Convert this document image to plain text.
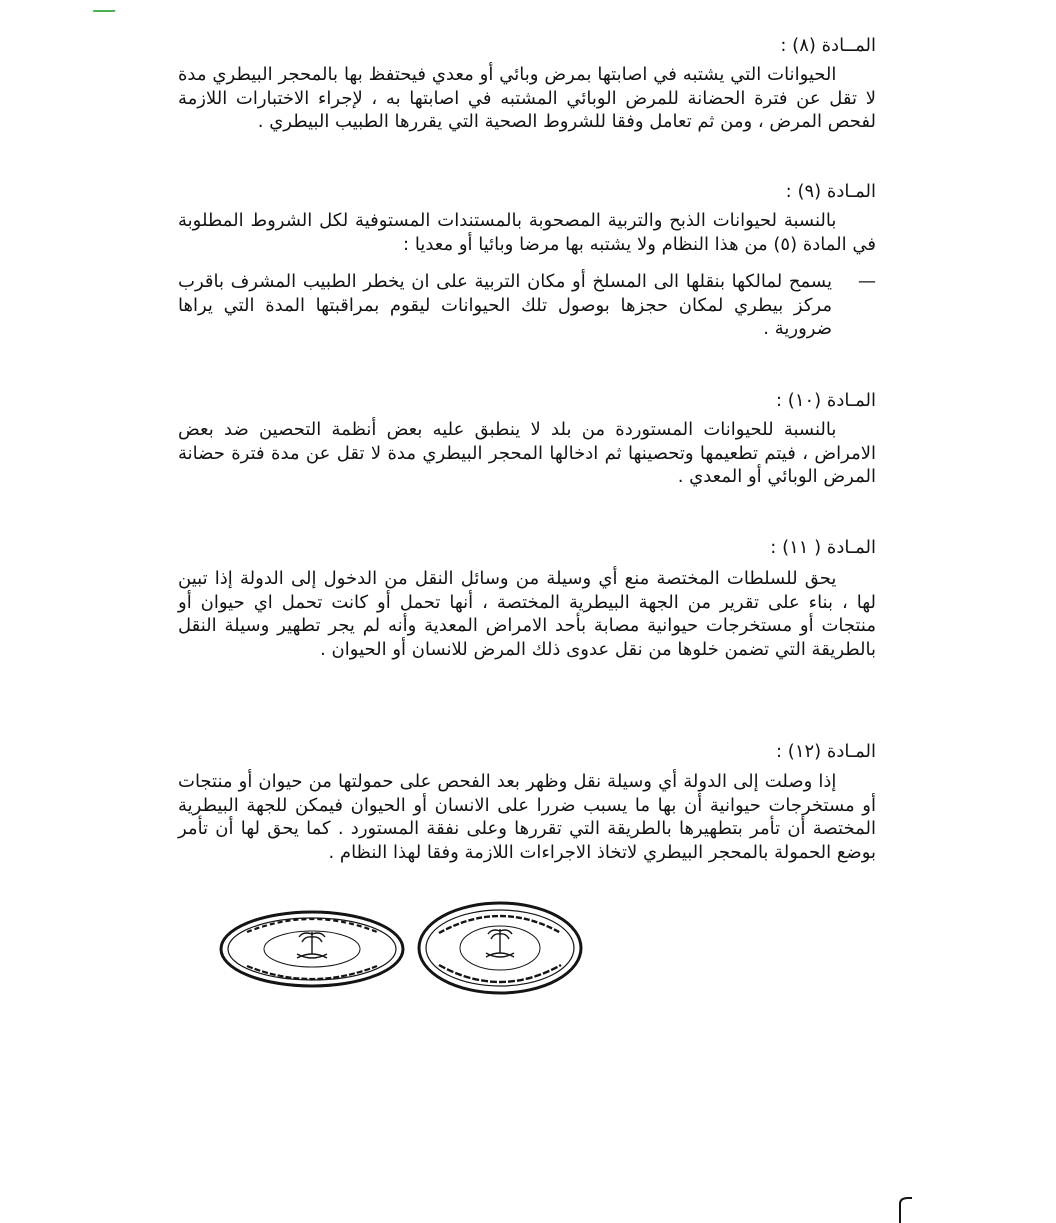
المــادة (٨) :
الحيوانات التي يشتبه في اصابتها بمرض وبائي أو معدي فيحتفظ بها بالمحجر البيطري مدة لا تقل عن فترة الحضانة للمرض الوبائي المشتبه في اصابتها به ، لإجراء الاختبارات اللازمة لفحص المرض ، ومن ثم تعامل وفقا للشروط الصحية التي يقررها الطبيب البيطري .
المـادة (٩) :
بالنسبة لحيوانات الذبح والتربية المصحوبة بالمستندات المستوفية لكل الشروط المطلوبة في المادة (٥) من هذا النظام ولا يشتبه بها مرضا وبائيا أو معديا :
—
يسمح لمالكها بنقلها الى المسلخ أو مكان التربية على ان يخطر الطبيب المشرف باقرب مركز بيطري لمكان حجزها بوصول تلك الحيوانات ليقوم بمراقبتها المدة التي يراها ضرورية .
المـادة (١٠) :
بالنسبة للحيوانات المستوردة من بلد لا ينطبق عليه بعض أنظمة التحصين ضد بعض الامراض ، فيتم تطعيمها وتحصينها ثم ادخالها المحجر البيطري مدة لا تقل عن مدة فترة حضانة المرض الوبائي أو المعدي .
المـادة ( ١١) :
يحق للسلطات المختصة منع أي وسيلة من وسائل النقل من الدخول إلى الدولة إذا تبين لها ، بناء على تقرير من الجهة البيطرية المختصة ، أنها تحمل أو كانت تحمل اي حيوان أو منتجات أو مستخرجات حيوانية مصابة بأحد الامراض المعدية وأنه لم يجر تطهير وسيلة النقل بالطريقة التي تضمن خلوها من نقل عدوى ذلك المرض للانسان أو الحيوان .
المـادة (١٢) :
إذا وصلت إلى الدولة أي وسيلة نقل وظهر بعد الفحص على حمولتها من حيوان أو منتجات أو مستخرجات حيوانية أن بها ما يسبب ضررا على الانسان أو الحيوان فيمكن للجهة البيطرية المختصة أن تأمر بتطهيرها بالطريقة التي تقررها وعلى نفقة المستورد . كما يحق لها أن تأمر بوضع الحمولة بالمحجر البيطري لاتخاذ الاجراءات اللازمة وفقا لهذا النظام .
